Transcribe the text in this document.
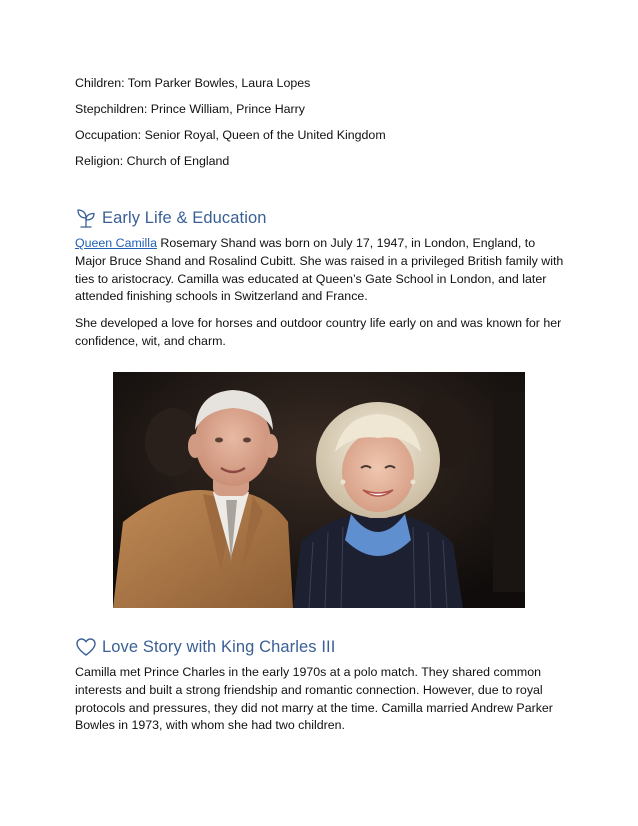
Children: Tom Parker Bowles, Laura Lopes
Stepchildren: Prince William, Prince Harry
Occupation: Senior Royal, Queen of the United Kingdom
Religion: Church of England
Early Life & Education

Queen Camilla Rosemary Shand was born on July 17, 1947, in London, England, to Major Bruce Shand and Rosalind Cubitt. She was raised in a privileged British family with ties to aristocracy. Camilla was educated at Queen’s Gate School in London, and later attended finishing schools in Switzerland and France.

She developed a love for horses and outdoor country life early on and was known for her confidence, wit, and charm.

Love Story with King Charles III

Camilla met Prince Charles in the early 1970s at a polo match. They shared common interests and built a strong friendship and romantic connection. However, due to royal protocols and pressures, they did not marry at the time. Camilla married Andrew Parker Bowles in 1973, with whom she had two children.
